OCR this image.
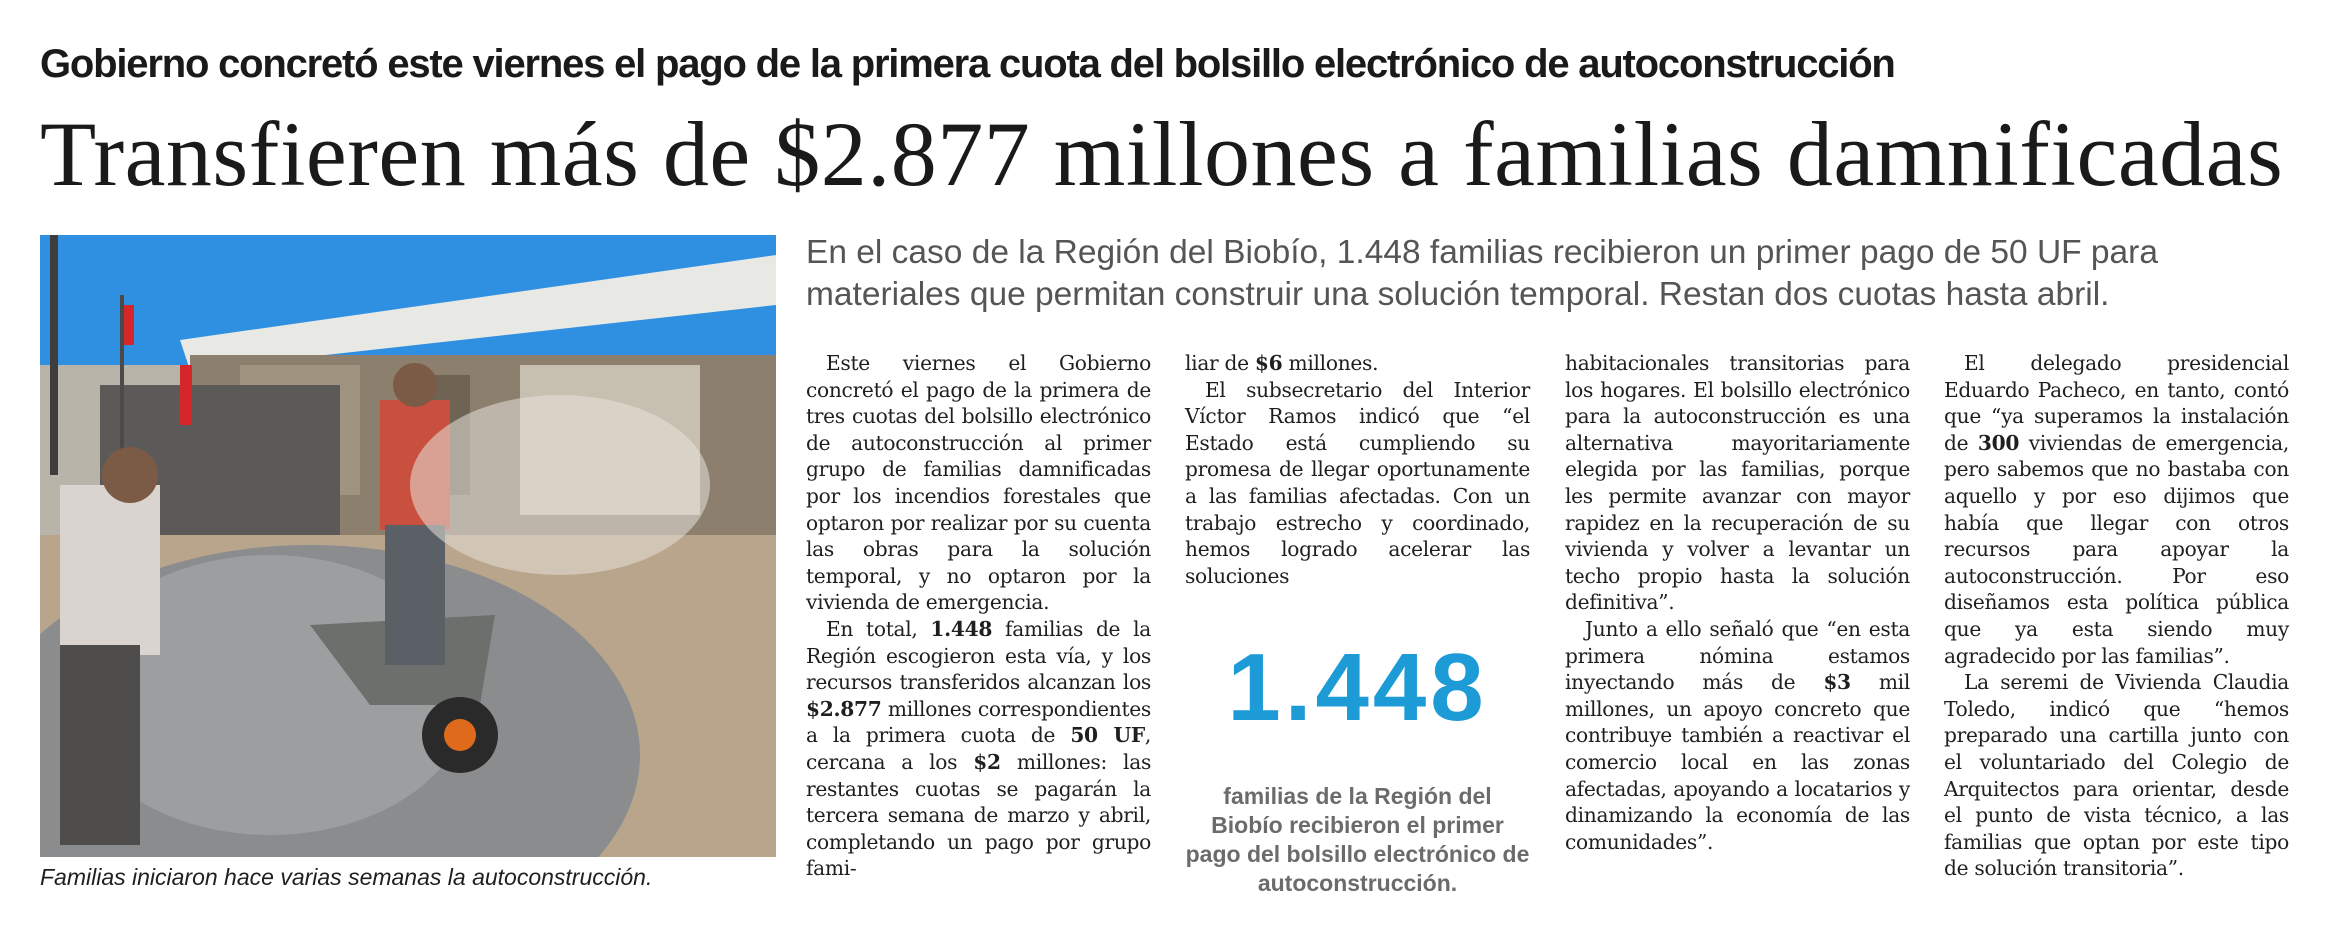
Gobierno concretó este viernes el pago de la primera cuota del bolsillo electrónico de autoconstrucción
Transfieren más de $2.877 millones a familias damnificadas
Familias iniciaron hace varias semanas la autoconstrucción.
En el caso de la Región del Biobío, 1.448 familias recibieron un primer pago de 50 UF para materiales que permitan construir una solución temporal. Restan dos cuotas hasta abril.

Este viernes el Gobierno concretó el pago de la primera de tres cuotas del bolsillo electrónico de autoconstrucción al primer grupo de familias damnificadas por los incendios forestales que optaron por realizar por su cuenta las obras para la solución temporal, y no optaron por la vivienda de emergencia.

En total, 1.448 familias de la Región escogieron esta vía, y los recursos transferidos alcanzan los $2.877 millones correspondientes a la primera cuota de 50 UF, cercana a los $2 millones: las restantes cuotas se pagarán la tercera semana de marzo y abril, completando un pago por grupo fami-

liar de $6 millones.

El subsecretario del Interior Víctor Ramos indicó que “el Estado está cumpliendo su promesa de llegar oportunamente a las familias afectadas. Con un trabajo estrecho y coordinado, hemos logrado acelerar las soluciones

1.448
familias de la Región del Biobío recibieron el primer pago del bolsillo electrónico de autoconstrucción.

habitacionales transitorias para los hogares. El bolsillo electrónico para la autoconstrucción es una alternativa mayoritariamente elegida por las familias, porque les permite avanzar con mayor rapidez en la recuperación de su vivienda y volver a levantar un techo propio hasta la solución definitiva”.

Junto a ello señaló que “en esta primera nómina estamos inyectando más de $3 mil millones, un apoyo concreto que contribuye también a reactivar el comercio local en las zonas afectadas, apoyando a locatarios y dinamizando la economía de las comunidades”.

El delegado presidencial Eduardo Pacheco, en tanto, contó que “ya superamos la instalación de 300 viviendas de emergencia, pero sabemos que no bastaba con aquello y por eso dijimos que había que llegar con otros recursos para apoyar la autoconstrucción. Por eso diseñamos esta política pública que ya esta siendo muy agradecido por las familias”.

La seremi de Vivienda Claudia Toledo, indicó que “hemos preparado una cartilla junto con el voluntariado del Colegio de Arquitectos para orientar, desde el punto de vista técnico, a las familias que optan por este tipo de solución transitoria”.
